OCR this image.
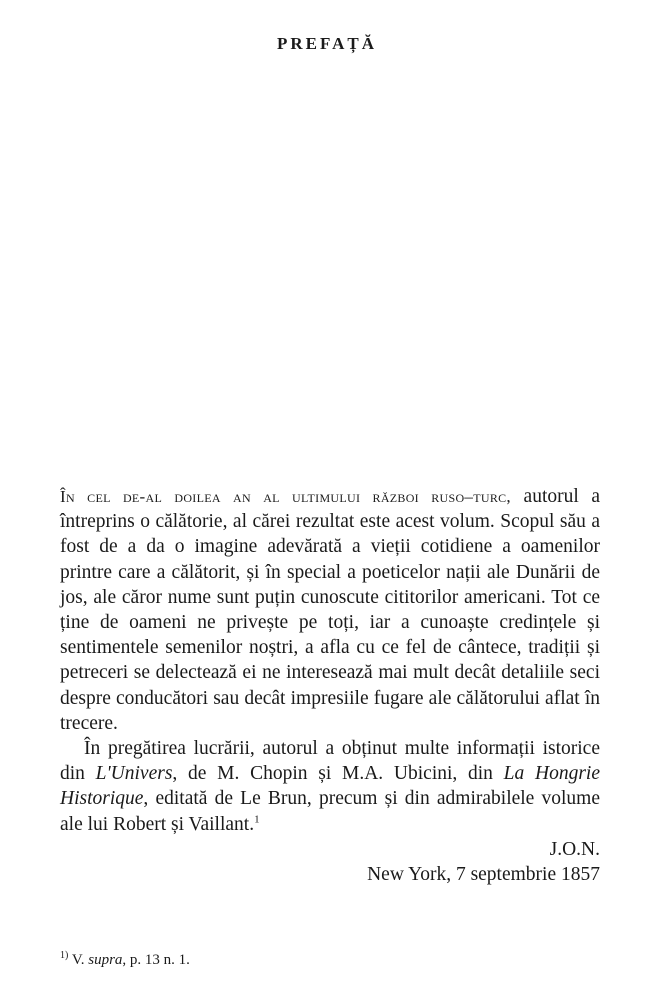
PREFAȚĂ

În cel de-al doilea an al ultimului război ruso–turc, autorul a întreprins o călătorie, al cărei rezultat este acest volum. Scopul său a fost de a da o imagine adevărată a vieții cotidiene a oamenilor printre care a călătorit, și în special a poeticelor nații ale Dunării de jos, ale căror nume sunt puțin cunoscute cititorilor americani. Tot ce ține de oameni ne privește pe toți, iar a cunoaște credințele și sentimentele semenilor noștri, a afla cu ce fel de cântece, tradiții și petreceri se delectează ei ne interesează mai mult decât detaliile seci despre conducători sau decât impresiile fugare ale călătorului aflat în trecere.

În pregătirea lucrării, autorul a obținut multe informații istorice din L'Univers, de M. Chopin și M.A. Ubicini, din La Hongrie Historique, editată de Le Brun, precum și din admirabilele volume ale lui Robert și Vaillant.$^1$

J.O.N.

New York, 7 septembrie 1857

$^{1)}$ V. supra, p. 13 n. 1.
